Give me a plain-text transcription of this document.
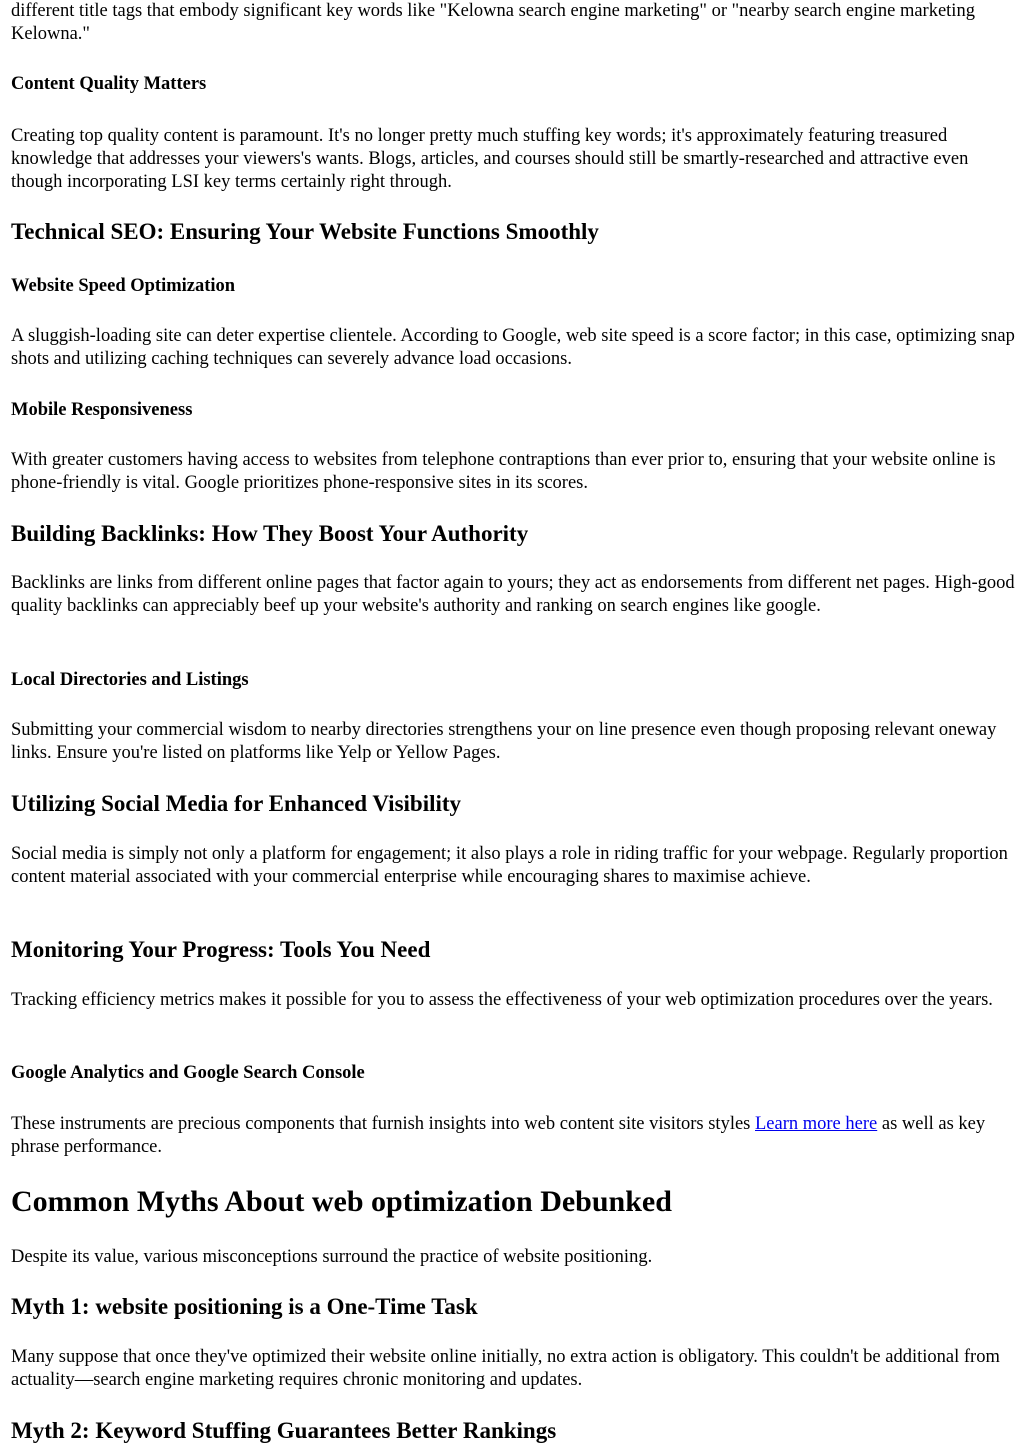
different title tags that embody significant key words like "Kelowna search engine marketing" or "nearby search engine marketing Kelowna."

Content Quality Matters

Creating top quality content is paramount. It's no longer pretty much stuffing key words; it's approximately featuring treasured knowledge that addresses your viewers's wants. Blogs, articles, and courses should still be smartly-researched and attractive even though incorporating LSI key terms certainly right through.

Technical SEO: Ensuring Your Website Functions Smoothly
Website Speed Optimization

A sluggish-loading site can deter expertise clientele. According to Google, web site speed is a score factor; in this case, optimizing snap shots and utilizing caching techniques can severely advance load occasions.

Mobile Responsiveness

With greater customers having access to websites from telephone contraptions than ever prior to, ensuring that your website online is phone-friendly is vital. Google prioritizes phone-responsive sites in its scores.

Building Backlinks: How They Boost Your Authority

Backlinks are links from different online pages that factor again to yours; they act as endorsements from different net pages. High-good quality backlinks can appreciably beef up your website's authority and ranking on search engines like google.

Local Directories and Listings

Submitting your commercial wisdom to nearby directories strengthens your on line presence even though proposing relevant oneway links. Ensure you're listed on platforms like Yelp or Yellow Pages.

Utilizing Social Media for Enhanced Visibility

Social media is simply not only a platform for engagement; it also plays a role in riding traffic for your webpage. Regularly proportion content material associated with your commercial enterprise while encouraging shares to maximise achieve.

Monitoring Your Progress: Tools You Need

Tracking efficiency metrics makes it possible for you to assess the effectiveness of your web optimization procedures over the years.

Google Analytics and Google Search Console

These instruments are precious components that furnish insights into web content site visitors styles Learn more here as well as key phrase performance.

Common Myths About web optimization Debunked

Despite its value, various misconceptions surround the practice of website positioning.

Myth 1: website positioning is a One-Time Task

Many suppose that once they've optimized their website online initially, no extra action is obligatory. This couldn't be additional from actuality—search engine marketing requires chronic monitoring and updates.

Myth 2: Keyword Stuffing Guarantees Better Rankings
